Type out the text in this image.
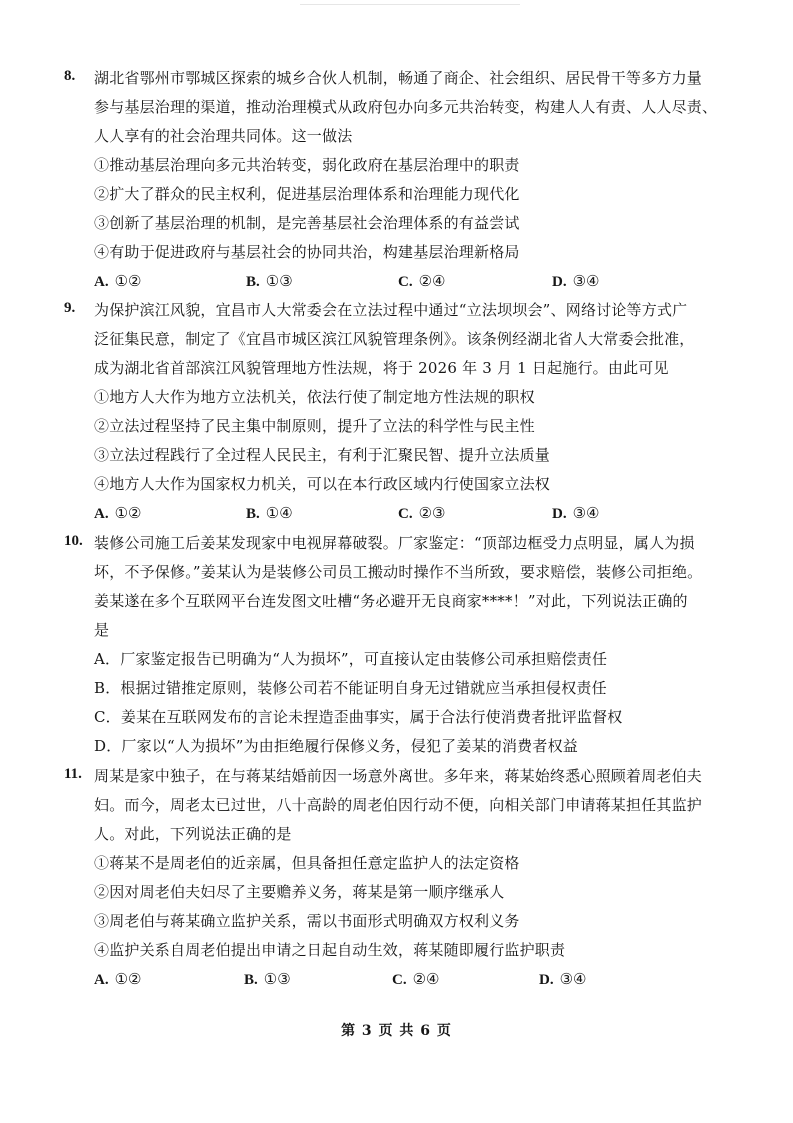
8. 湖北省鄂州市鄂城区探索的城乡合伙人机制，畅通了商企、社会组织、居民骨干等多方力量
参与基层治理的渠道，推动治理模式从政府包办向多元共治转变，构建人人有责、人人尽责、
人人享有的社会治理共同体。这一做法
①推动基层治理向多元共治转变，弱化政府在基层治理中的职责
②扩大了群众的民主权利，促进基层治理体系和治理能力现代化
③创新了基层治理的机制，是完善基层社会治理体系的有益尝试
④有助于促进政府与基层社会的协同共治，构建基层治理新格局
A. ①②	B. ①③	C. ②④	D. ③④
9. 为保护滨江风貌，宜昌市人大常委会在立法过程中通过“立法坝坝会”、网络讨论等方式广
泛征集民意，制定了《宜昌市城区滨江风貌管理条例》。该条例经湖北省人大常委会批准，
成为湖北省首部滨江风貌管理地方性法规，将于 2026 年 3 月 1 日起施行。由此可见
①地方人大作为地方立法机关，依法行使了制定地方性法规的职权
②立法过程坚持了民主集中制原则，提升了立法的科学性与民主性
③立法过程践行了全过程人民民主，有利于汇聚民智、提升立法质量
④地方人大作为国家权力机关，可以在本行政区域内行使国家立法权
A. ①②	B. ①④	C. ②③	D. ③④
10. 装修公司施工后姜某发现家中电视屏幕破裂。厂家鉴定：“顶部边框受力点明显，属人为损
坏，不予保修。”姜某认为是装修公司员工搬动时操作不当所致，要求赔偿，装修公司拒绝。
姜某遂在多个互联网平台连发图文吐槽“务必避开无良商家****！”对此，下列说法正确的
是
A．厂家鉴定报告已明确为“人为损坏”，可直接认定由装修公司承担赔偿责任
B．根据过错推定原则，装修公司若不能证明自身无过错就应当承担侵权责任
C．姜某在互联网发布的言论未捏造歪曲事实，属于合法行使消费者批评监督权
D．厂家以“人为损坏”为由拒绝履行保修义务，侵犯了姜某的消费者权益
11. 周某是家中独子，在与蒋某结婚前因一场意外离世。多年来，蒋某始终悉心照顾着周老伯夫
妇。而今，周老太已过世，八十高龄的周老伯因行动不便，向相关部门申请蒋某担任其监护
人。对此，下列说法正确的是
①蒋某不是周老伯的近亲属，但具备担任意定监护人的法定资格
②因对周老伯夫妇尽了主要赡养义务，蒋某是第一顺序继承人
③周老伯与蒋某确立监护关系，需以书面形式明确双方权利义务
④监护关系自周老伯提出申请之日起自动生效，蒋某随即履行监护职责
A. ①②	B. ①③	C. ②④	D. ③④
第 3 页 共 6 页
